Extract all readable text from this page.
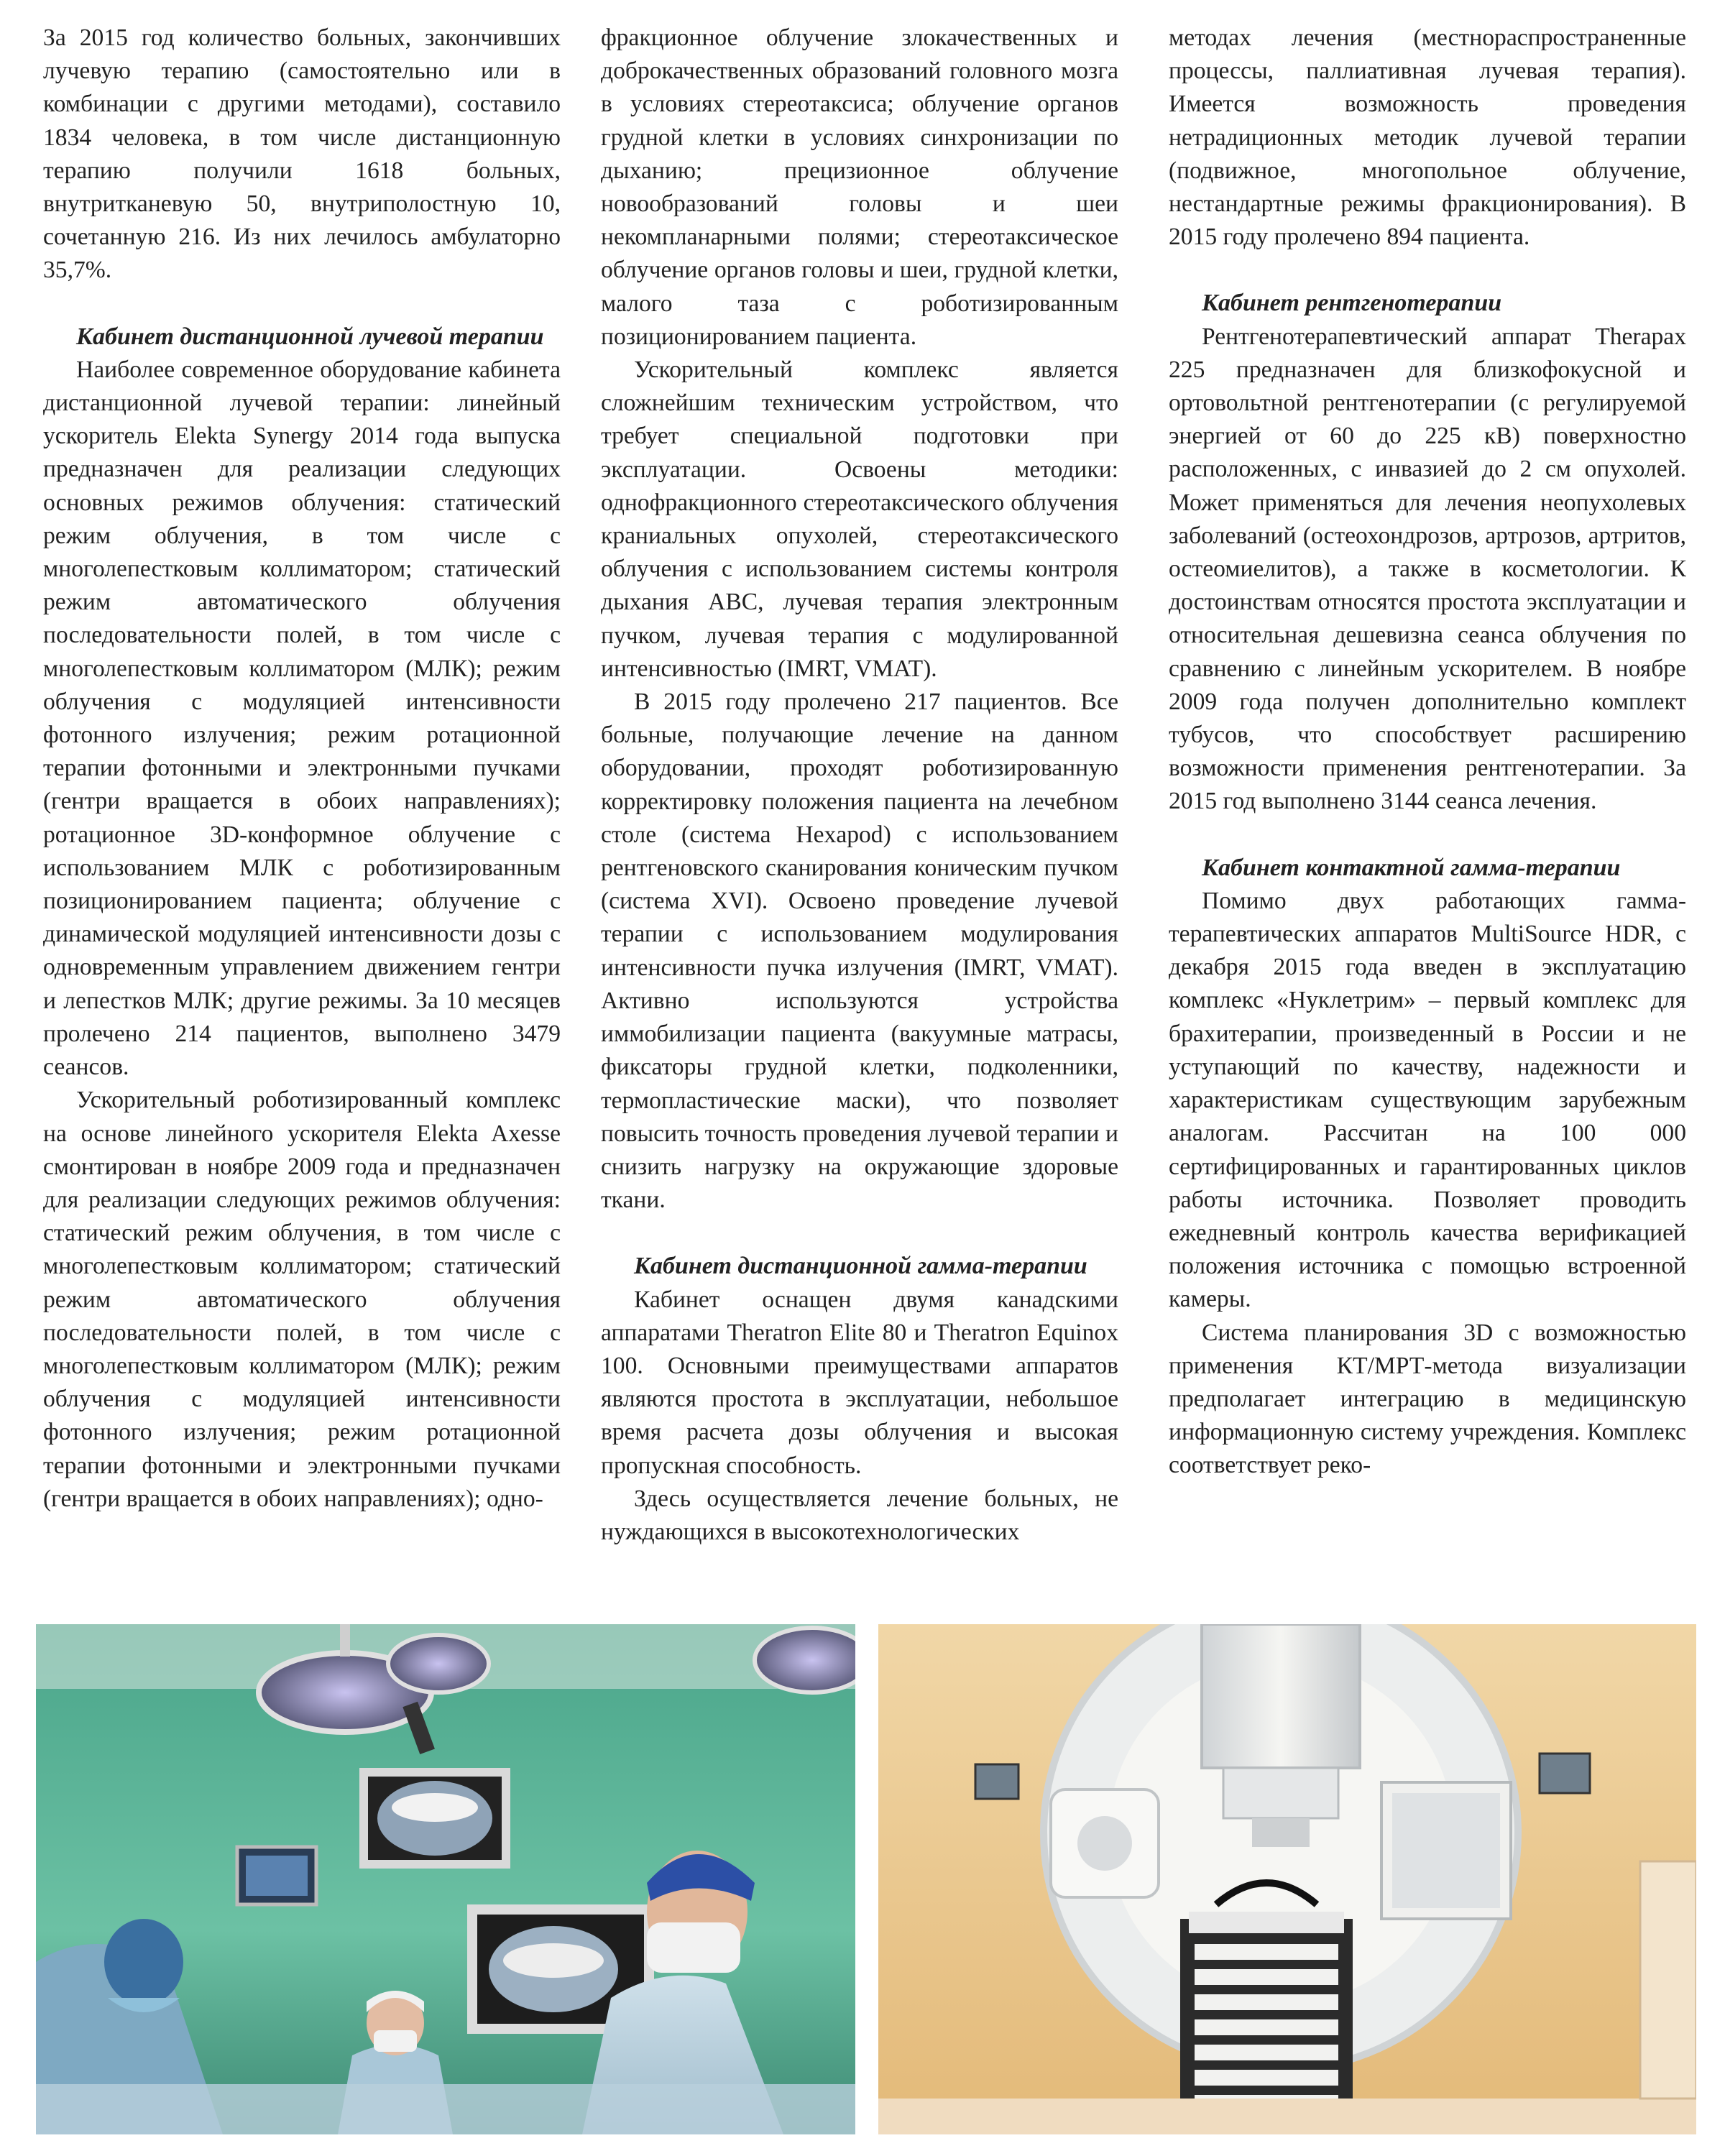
За 2015 год количество больных, закончивших лучевую терапию (самостоятельно или в комбинации с другими методами), составило 1834 человека, в том числе дистанционную терапию получили 1618 больных, внутритканевую 50, внутриполостную 10, сочетанную 216. Из них лечилось амбулаторно 35,7%.

Кабинет дистанционной лучевой терапии

Наиболее современное оборудование кабинета дистанционной лучевой терапии: линейный ускоритель Elekta Synergy 2014 года выпуска предназначен для реализации следующих основных режимов облучения: статический режим облучения, в том числе с многолепестковым коллиматором; статический режим автоматического облучения последовательности полей, в том числе с многолепестковым коллиматором (МЛК); режим облучения с модуляцией интенсивности фотонного излучения; режим ротационной терапии фотонными и электронными пучками (гентри вращается в обоих направлениях); ротационное 3D-конформное облучение с использованием МЛК с роботизированным позиционированием пациента; облучение с динамической модуляцией интенсивности дозы с одновременным управлением движением гентри и лепестков МЛК; другие режимы. За 10 месяцев пролечено 214 пациентов, выполнено 3479 сеансов.

Ускорительный роботизированный комплекс на основе линейного ускорителя Elekta Axesse смонтирован в ноябре 2009 года и предназначен для реализации следующих режимов облучения: статический режим облучения, в том числе с многолепестковым коллиматором; статический режим автоматического облучения последовательности полей, в том числе с многолепестковым коллиматором (МЛК); режим облучения с модуляцией интенсивности фотонного излучения; режим ротационной терапии фотонными и электронными пучками (гентри вращается в обоих направлениях); одно-

фракционное облучение злокачественных и доброкачественных образований головного мозга в условиях стереотаксиса; облучение органов грудной клетки в условиях синхронизации по дыханию; прецизионное облучение новообразований головы и шеи некомпланарными полями; стереотаксическое облучение органов головы и шеи, грудной клетки, малого таза с роботизированным позиционированием пациента.

Ускорительный комплекс является сложнейшим техническим устройством, что требует специальной подготовки при эксплуатации. Освоены методики: однофракционного стереотаксического облучения краниальных опухолей, стереотаксического облучения с использованием системы контроля дыхания ABC, лучевая терапия электронным пучком, лучевая терапия с модулированной интенсивностью (IMRT, VMAT).

В 2015 году пролечено 217 пациентов. Все больные, получающие лечение на данном оборудовании, проходят роботизированную корректировку положения пациента на лечебном столе (система Hexapod) с использованием рентгеновского сканирования коническим пучком (система XVI). Освоено проведение лучевой терапии с использованием модулирования интенсивности пучка излучения (IMRT, VMAT). Активно используются устройства иммобилизации пациента (вакуумные матрасы, фиксаторы грудной клетки, подколенники, термопластические маски), что позволяет повысить точность проведения лучевой терапии и снизить нагрузку на окружающие здоровые ткани.

Кабинет дистанционной гамма-терапии

Кабинет оснащен двумя канадскими аппаратами Theratron Elite 80 и Theratron Equinox 100. Основными преимуществами аппаратов являются простота в эксплуатации, небольшое время расчета дозы облучения и высокая пропускная способность.

Здесь осуществляется лечение больных, не нуждающихся в высокотехнологических

методах лечения (местнораспространенные процессы, паллиативная лучевая терапия). Имеется возможность проведения нетрадиционных методик лучевой терапии (подвижное, многопольное облучение, нестандартные режимы фракционирования). В 2015 году пролечено 894 пациента.

Кабинет рентгенотерапии

Рентгенотерапевтический аппарат Therapax 225 предназначен для близкофокусной и ортовольтной рентгенотерапии (с регулируемой энергией от 60 до 225 кВ) поверхностно расположенных, с инвазией до 2 см опухолей. Может применяться для лечения неопухолевых заболеваний (остеохондрозов, артрозов, артритов, остеомиелитов), а также в косметологии. К достоинствам относятся простота эксплуатации и относительная дешевизна сеанса облучения по сравнению с линейным ускорителем. В ноябре 2009 года получен дополнительно комплект тубусов, что способствует расширению возможности применения рентгенотерапии. За 2015 год выполнено 3144 сеанса лечения.

Кабинет контактной гамма-терапии

Помимо двух работающих гамма-терапевтических аппаратов MultiSource HDR, с декабря 2015 года введен в эксплуатацию комплекс «Нуклетрим» – первый комплекс для брахитерапии, произведенный в России и не уступающий по качеству, надежности и характеристикам существующим зарубежным аналогам. Рассчитан на 100 000 сертифицированных и гарантированных циклов работы источника. Позволяет проводить ежедневный контроль качества верификацией положения источника с помощью встроенной камеры.

Система планирования 3D с возможностью применения КТ/МРТ-метода визуализации предполагает интеграцию в медицинскую информационную систему учреждения. Комплекс соответствует реко-
